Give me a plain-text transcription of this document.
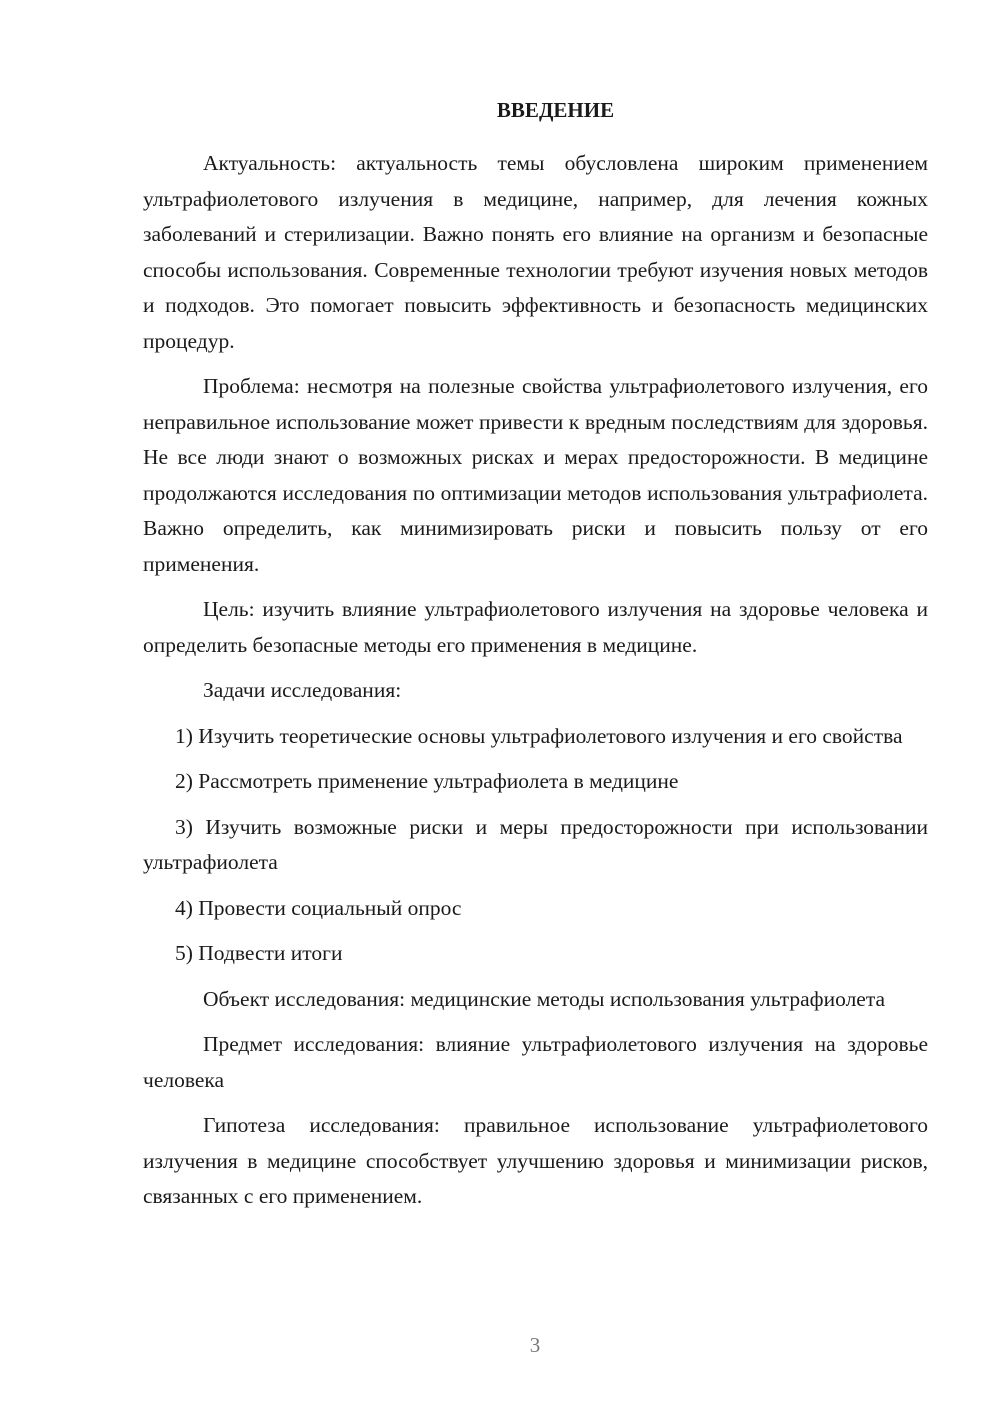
ВВЕДЕНИЕ

Актуальность: актуальность темы обусловлена широким применением ультрафиолетового излучения в медицине, например, для лечения кожных заболеваний и стерилизации. Важно понять его влияние на организм и безопасные способы использования. Современные технологии требуют изучения новых методов и подходов. Это помогает повысить эффективность и безопасность медицинских процедур.

Проблема: несмотря на полезные свойства ультрафиолетового излучения, его неправильное использование может привести к вредным последствиям для здоровья. Не все люди знают о возможных рисках и мерах предосторожности. В медицине продолжаются исследования по оптимизации методов использования ультрафиолета. Важно определить, как минимизировать риски и повысить пользу от его применения.

Цель: изучить влияние ультрафиолетового излучения на здоровье человека и определить безопасные методы его применения в медицине.

Задачи исследования:

1) Изучить теоретические основы ультрафиолетового излучения и его свойства

2) Рассмотреть применение ультрафиолета в медицине

3) Изучить возможные риски и меры предосторожности при использовании ультрафиолета

4) Провести социальный опрос

5) Подвести итоги

Объект исследования: медицинские методы использования ультрафиолета

Предмет исследования: влияние ультрафиолетового излучения на здоровье человека

Гипотеза исследования: правильное использование ультрафиолетового излучения в медицине способствует улучшению здоровья и минимизации рисков, связанных с его применением.

3
